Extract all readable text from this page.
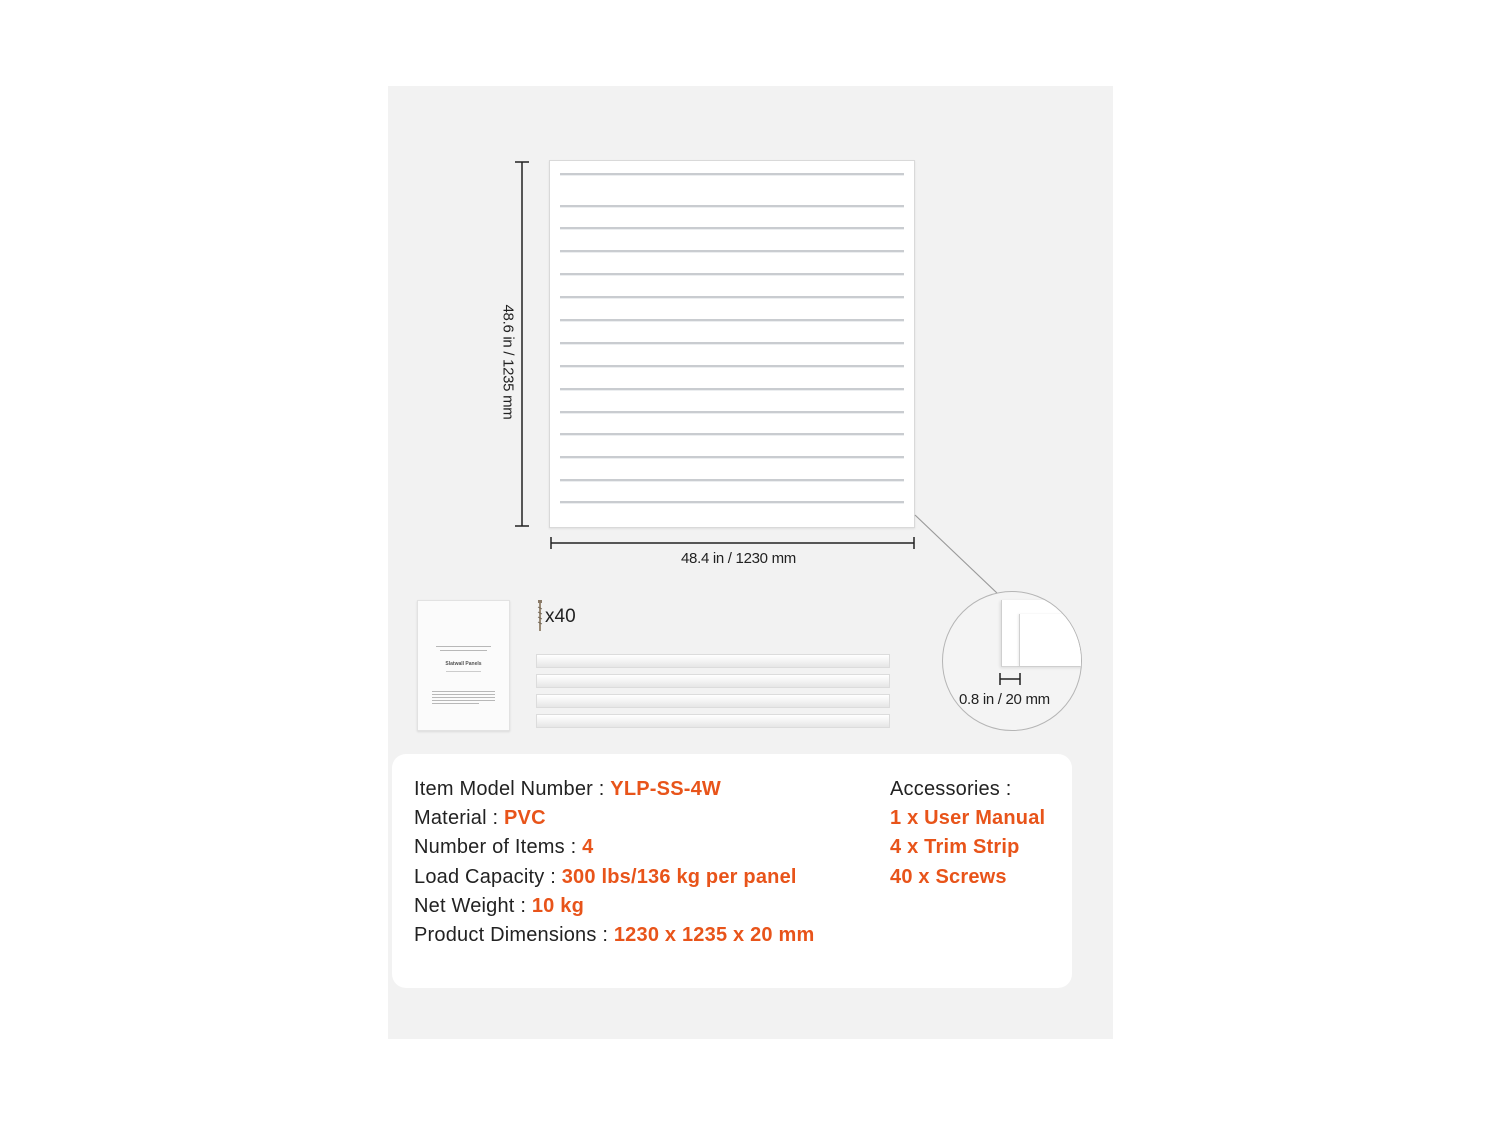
48.6 in / 1235 mm
48.4 in / 1230 mm
0.8 in / 20 mm
Slatwall Panels
x40
Item Model Number : YLP-SS-4W
Material : PVC
Number of Items : 4
Load Capacity : 300 lbs/136 kg per panel
Net Weight : 10 kg
Product Dimensions : 1230 x 1235 x 20 mm
Accessories :
1 x User Manual
4 x Trim Strip
40 x Screws
